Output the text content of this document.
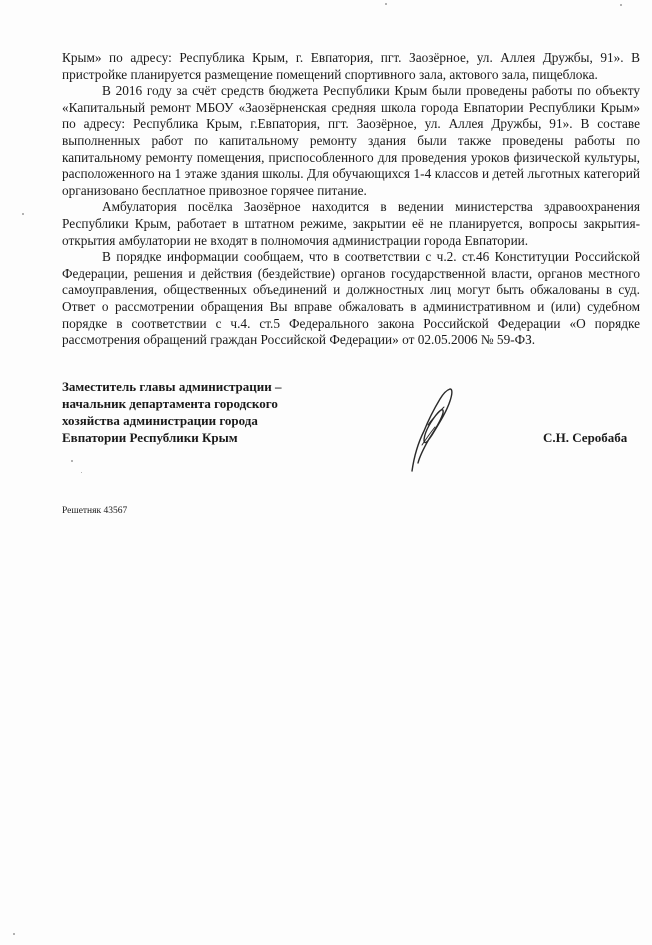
Крым» по адресу: Республика Крым, г. Евпатория, пгт. Заозёрное, ул. Аллея Дружбы, 91». В пристройке планируется размещение помещений спортивного зала, актового зала, пищеблока.

В 2016 году за счёт средств бюджета Республики Крым были проведены работы по объекту «Капитальный ремонт МБОУ «Заозёрненская средняя школа города Евпатории Республики Крым» по адресу: Республика Крым, г.Евпатория, пгт. Заозёрное, ул. Аллея Дружбы, 91». В составе выполненных работ по капитальному ремонту здания были также проведены работы по капитальному ремонту помещения, приспособленного для проведения уроков физической культуры, расположенного на 1 этаже здания школы. Для обучающихся 1-4 классов и детей льготных категорий организовано бесплатное привозное горячее питание.

Амбулатория посёлка Заозёрное находится в ведении министерства здравоохранения Республики Крым, работает в штатном режиме, закрытии её не планируется, вопросы закрытия-открытия амбулатории не входят в полномочия администрации города Евпатории.

В порядке информации сообщаем, что в соответствии с ч.2. ст.46 Конституции Российской Федерации, решения и действия (бездействие) органов государственной власти, органов местного самоуправления, общественных объединений и должностных лиц могут быть обжалованы в суд. Ответ о рассмотрении обращения Вы вправе обжаловать в административном и (или) судебном порядке в соответствии с ч.4. ст.5 Федерального закона Российской Федерации «О порядке рассмотрения обращений граждан Российской Федерации» от 02.05.2006 № 59-ФЗ.

Заместитель главы администрации –
начальник департамента городского
хозяйства администрации города
Евпатории Республики Крым	С.Н. Серобаба
Решетняк 43567
